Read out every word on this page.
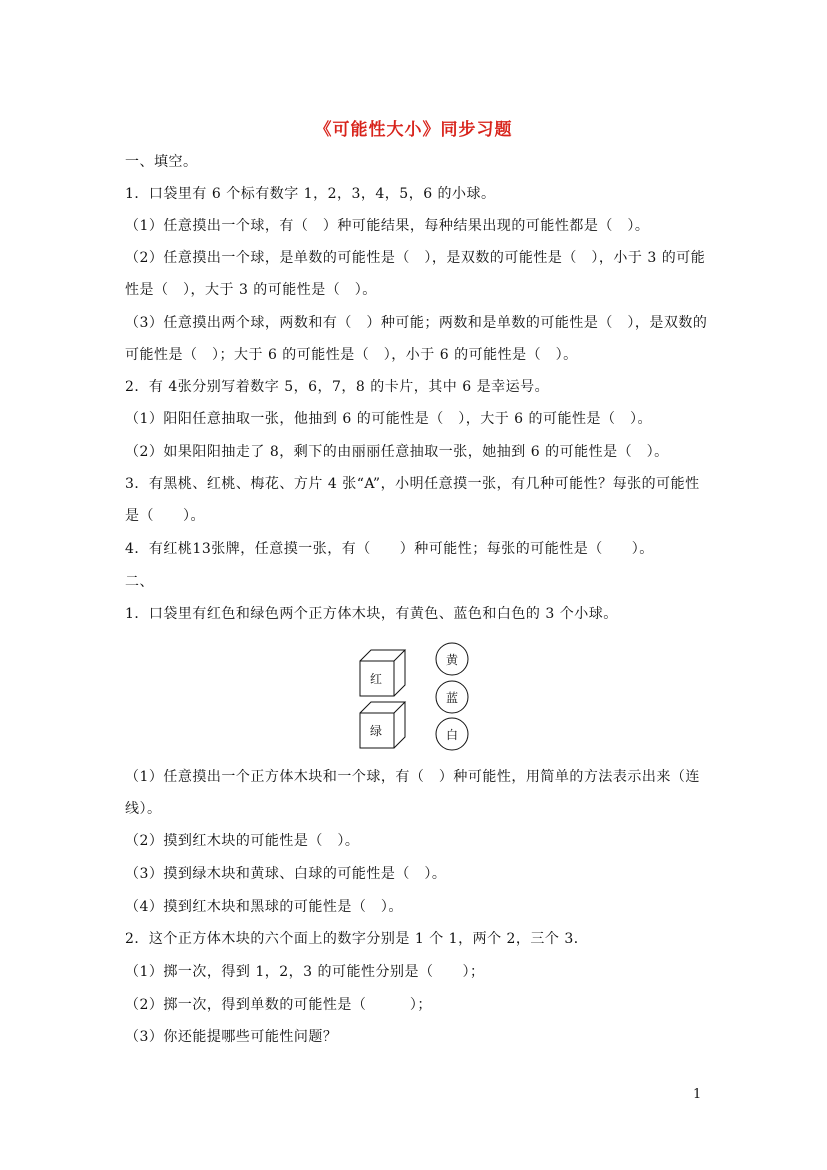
《可能性大小》同步习题
一、填空。
1．口袋里有 6 个标有数字 1，2，3，4，5，6 的小球。
（1）任意摸出一个球，有（　）种可能结果，每种结果出现的可能性都是（　）。
（2）任意摸出一个球，是单数的可能性是（　），是双数的可能性是（　），小于 3 的可能
性是（　），大于 3 的可能性是（　）。
（3）任意摸出两个球，两数和有（　）种可能；两数和是单数的可能性是（　），是双数的
可能性是（　）；大于 6 的可能性是（　），小于 6 的可能性是（　）。
2．有 4张分别写着数字 5，6，7，8 的卡片，其中 6 是幸运号。
（1）阳阳任意抽取一张，他抽到 6 的可能性是（　），大于 6 的可能性是（　）。
（2）如果阳阳抽走了 8，剩下的由丽丽任意抽取一张，她抽到 6 的可能性是（　）。
3．有黑桃、红桃、梅花、方片 4 张“A”，小明任意摸一张，有几种可能性？每张的可能性
是（　　）。
4．有红桃13张牌，任意摸一张，有（　　）种可能性；每张的可能性是（　　）。
二、
1．口袋里有红色和绿色两个正方体木块，有黄色、蓝色和白色的 3 个小球。
红
绿
黄
蓝
白
（1）任意摸出一个正方体木块和一个球，有（　）种可能性，用简单的方法表示出来（连
线）。
（2）摸到红木块的可能性是（　）。
（3）摸到绿木块和黄球、白球的可能性是（　）。
（4）摸到红木块和黑球的可能性是（　）。
2．这个正方体木块的六个面上的数字分别是 1 个 1，两个 2，三个 3．
（1）掷一次，得到 1，2，3 的可能性分别是（　　）；
（2）掷一次，得到单数的可能性是（　　　）；
（3）你还能提哪些可能性问题？
1
